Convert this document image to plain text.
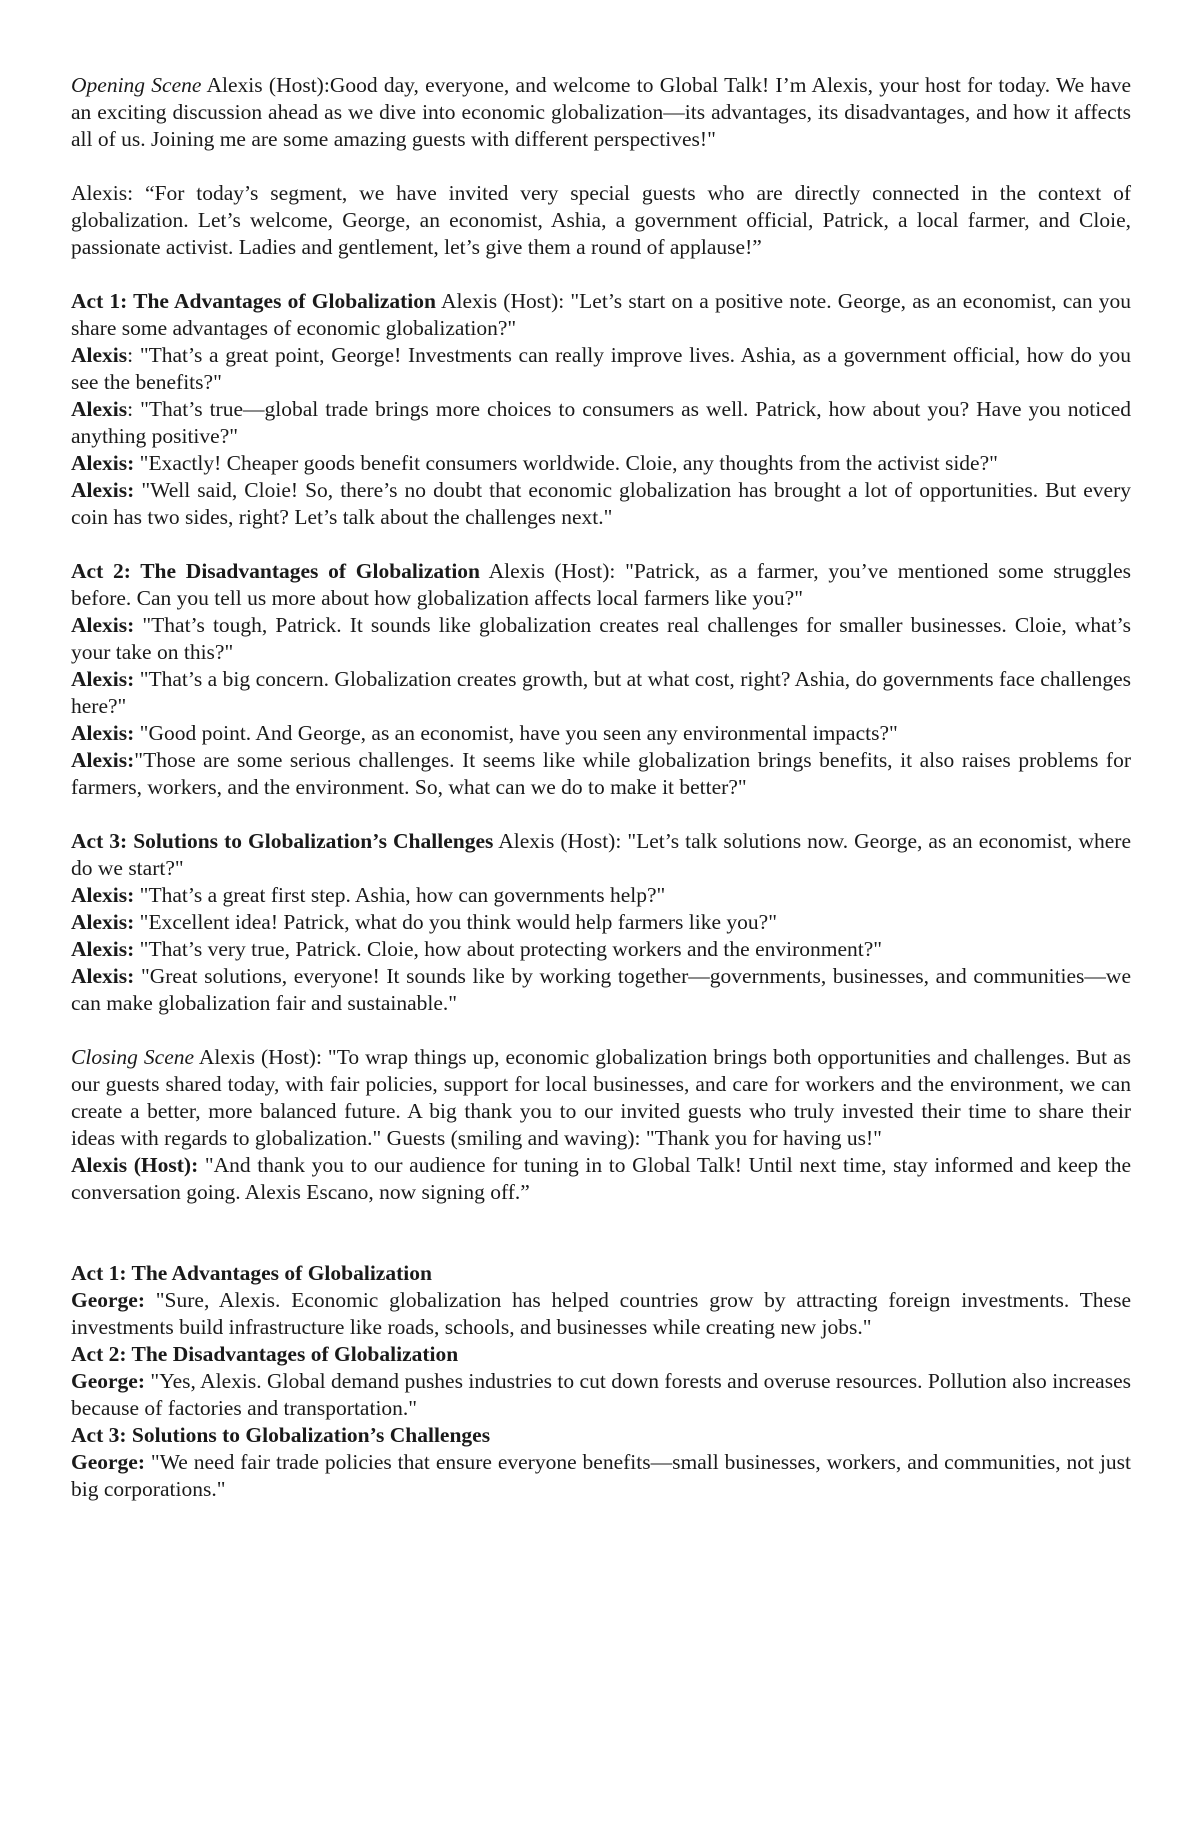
Opening Scene Alexis (Host):Good day, everyone, and welcome to Global Talk! I’m Alexis, your host for today. We have an exciting discussion ahead as we dive into economic globalization—its advantages, its disadvantages, and how it affects all of us. Joining me are some amazing guests with different perspectives!"

Alexis: “For today’s segment, we have invited very special guests who are directly connected in the context of globalization. Let’s welcome, George, an economist, Ashia, a government official, Patrick, a local farmer, and Cloie, passionate activist. Ladies and gentlement, let’s give them a round of applause!”

Act 1: The Advantages of Globalization Alexis (Host): "Let’s start on a positive note. George, as an economist, can you share some advantages of economic globalization?"

Alexis: "That’s a great point, George! Investments can really improve lives. Ashia, as a government official, how do you see the benefits?"

Alexis: "That’s true—global trade brings more choices to consumers as well. Patrick, how about you? Have you noticed anything positive?"

Alexis: "Exactly! Cheaper goods benefit consumers worldwide. Cloie, any thoughts from the activist side?"

Alexis: "Well said, Cloie! So, there’s no doubt that economic globalization has brought a lot of opportunities. But every coin has two sides, right? Let’s talk about the challenges next."

Act 2: The Disadvantages of Globalization Alexis (Host): "Patrick, as a farmer, you’ve mentioned some struggles before. Can you tell us more about how globalization affects local farmers like you?"

Alexis: "That’s tough, Patrick. It sounds like globalization creates real challenges for smaller businesses. Cloie, what’s your take on this?"

Alexis: "That’s a big concern. Globalization creates growth, but at what cost, right? Ashia, do governments face challenges here?"

Alexis: "Good point. And George, as an economist, have you seen any environmental impacts?"

Alexis:"Those are some serious challenges. It seems like while globalization brings benefits, it also raises problems for farmers, workers, and the environment. So, what can we do to make it better?"

Act 3: Solutions to Globalization’s Challenges Alexis (Host): "Let’s talk solutions now. George, as an economist, where do we start?"

Alexis: "That’s a great first step. Ashia, how can governments help?"

Alexis: "Excellent idea! Patrick, what do you think would help farmers like you?"

Alexis: "That’s very true, Patrick. Cloie, how about protecting workers and the environment?"

Alexis: "Great solutions, everyone! It sounds like by working together—governments, businesses, and communities—we can make globalization fair and sustainable."

Closing Scene Alexis (Host): "To wrap things up, economic globalization brings both opportunities and challenges. But as our guests shared today, with fair policies, support for local businesses, and care for workers and the environment, we can create a better, more balanced future. A big thank you to our invited guests who truly invested their time to share their ideas with regards to globalization." Guests (smiling and waving): "Thank you for having us!"

Alexis (Host): "And thank you to our audience for tuning in to Global Talk! Until next time, stay informed and keep the conversation going. Alexis Escano, now signing off.”

Act 1: The Advantages of Globalization

George: "Sure, Alexis. Economic globalization has helped countries grow by attracting foreign investments. These investments build infrastructure like roads, schools, and businesses while creating new jobs."

Act 2: The Disadvantages of Globalization

George: "Yes, Alexis. Global demand pushes industries to cut down forests and overuse resources. Pollution also increases because of factories and transportation."

Act 3: Solutions to Globalization’s Challenges

George: "We need fair trade policies that ensure everyone benefits—small businesses, workers, and communities, not just big corporations."
